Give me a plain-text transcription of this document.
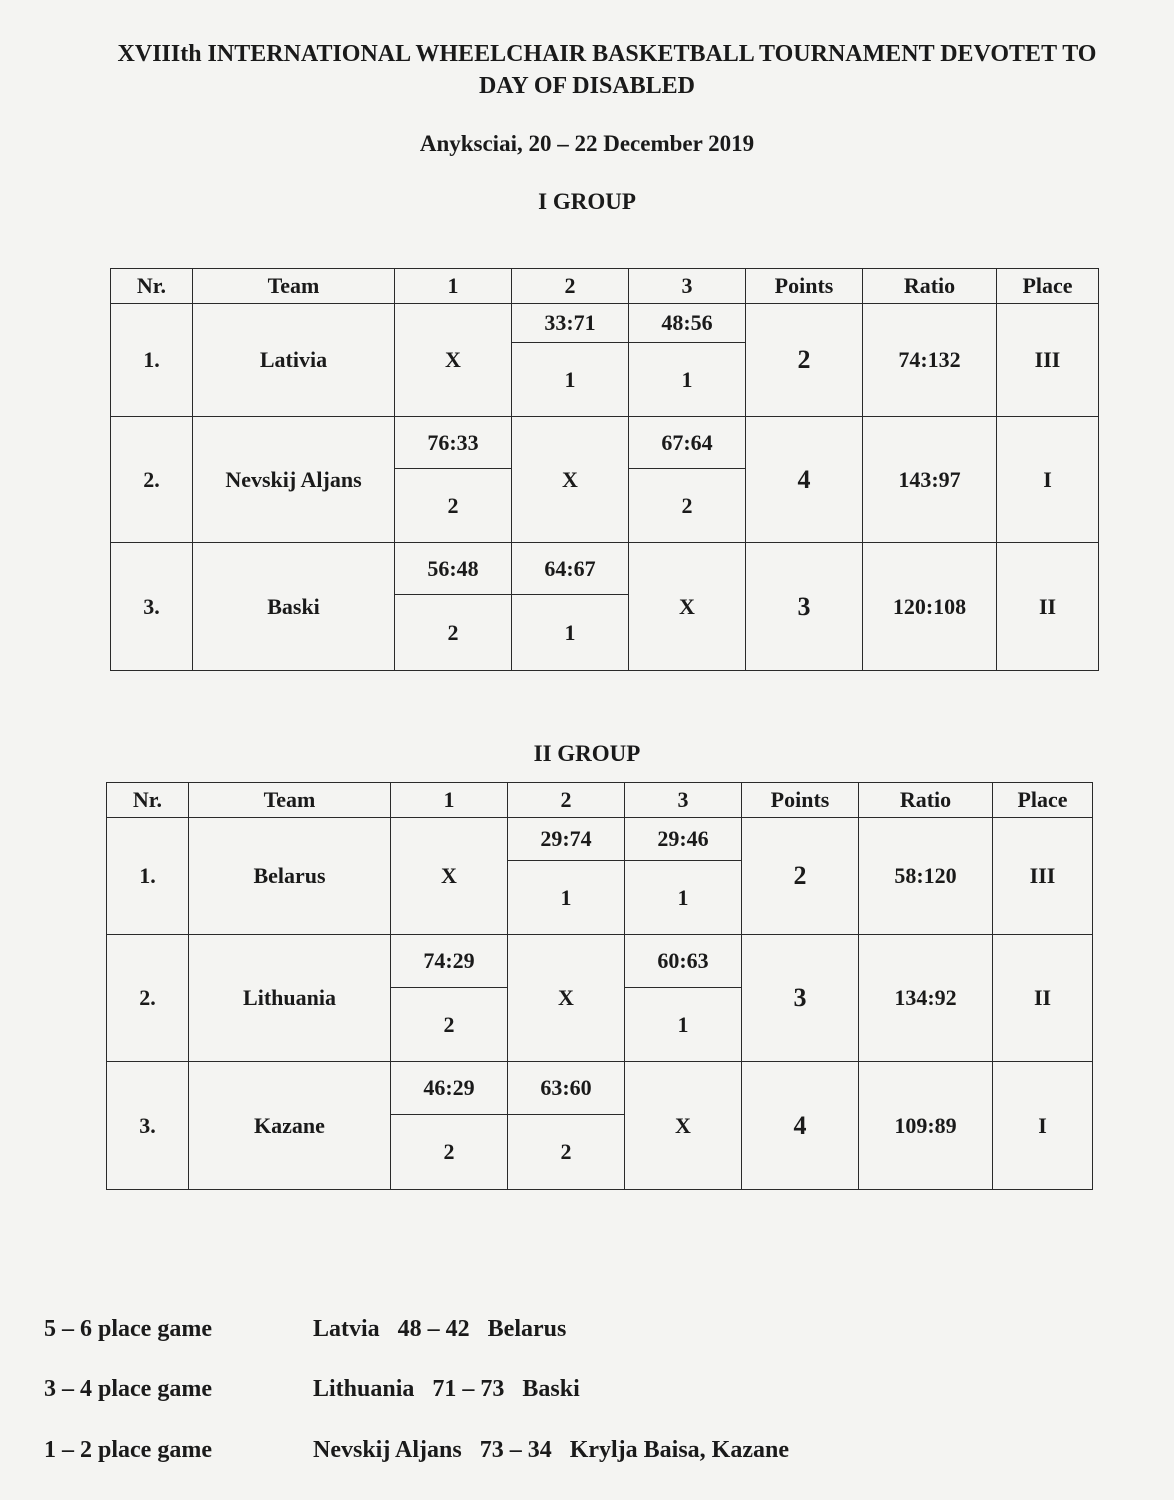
XVIIIth INTERNATIONAL WHEELCHAIR BASKETBALL TOURNAMENT DEVOTET TO
DAY OF DISABLED
Anyksciai, 20 – 22 December 2019
I GROUP
Nr.	Team	1	2	3	Points	Ratio	Place
1.	Lativia	X	33:71	48:56	2	74:132	III
			1	1			
2.	Nevskij Aljans	76:33	X	67:64	4	143:97	I
		2		2			
3.	Baski	56:48	64:67	X	3	120:108	II
		2	1				
II GROUP
Nr.	Team	1	2	3	Points	Ratio	Place
1.	Belarus	X	29:74	29:46	2	58:120	III
			1	1			
2.	Lithuania	74:29	X	60:63	3	134:92	II
		2		1			
3.	Kazane	46:29	63:60	X	4	109:89	I
		2	2				
5 – 6 place game	Latvia   48 – 42   Belarus
3 – 4 place game	Lithuania   71 – 73   Baski
1 – 2 place game	Nevskij Aljans   73 – 34   Krylja Baisa, Kazane
